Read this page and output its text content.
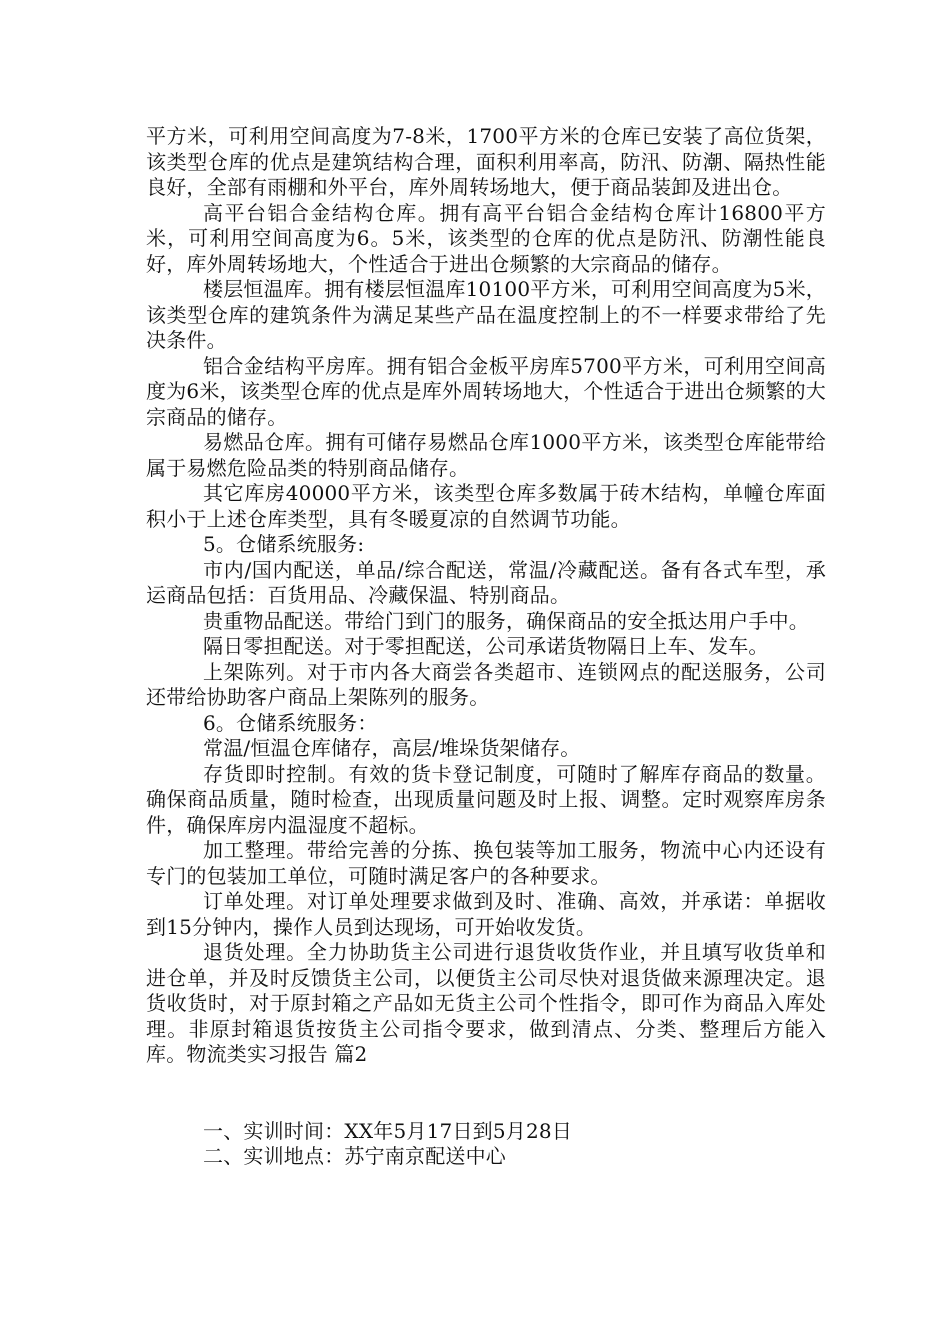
平方米，可利用空间高度为7-8米，1700平方米的仓库已安装了高位货架，该类型仓库的优点是建筑结构合理，面积利用率高，防汛、防潮、隔热性能良好，全部有雨棚和外平台，库外周转场地大，便于商品装卸及进出仓。

高平台铝合金结构仓库。拥有高平台铝合金结构仓库计16800平方米，可利用空间高度为6。5米，该类型的仓库的优点是防汛、防潮性能良好，库外周转场地大，个性适合于进出仓频繁的大宗商品的储存。

楼层恒温库。拥有楼层恒温库10100平方米，可利用空间高度为5米，该类型仓库的建筑条件为满足某些产品在温度控制上的不一样要求带给了先决条件。

铝合金结构平房库。拥有铝合金板平房库5700平方米，可利用空间高度为6米，该类型仓库的优点是库外周转场地大，个性适合于进出仓频繁的大宗商品的储存。

易燃品仓库。拥有可储存易燃品仓库1000平方米，该类型仓库能带给属于易燃危险品类的特别商品储存。

其它库房40000平方米，该类型仓库多数属于砖木结构，单幢仓库面积小于上述仓库类型，具有冬暖夏凉的自然调节功能。

5。仓储系统服务:

市内/国内配送，单品/综合配送，常温/冷藏配送。备有各式车型，承运商品包括：百货用品、冷藏保温、特别商品。

贵重物品配送。带给门到门的服务，确保商品的安全抵达用户手中。

隔日零担配送。对于零担配送，公司承诺货物隔日上车、发车。

上架陈列。对于市内各大商尝各类超市、连锁网点的配送服务，公司还带给协助客户商品上架陈列的服务。

6。仓储系统服务：

常温/恒温仓库储存，高层/堆垛货架储存。

存货即时控制。有效的货卡登记制度，可随时了解库存商品的数量。确保商品质量，随时检查，出现质量问题及时上报、调整。定时观察库房条件，确保库房内温湿度不超标。

加工整理。带给完善的分拣、换包装等加工服务，物流中心内还设有专门的包装加工单位，可随时满足客户的各种要求。

订单处理。对订单处理要求做到及时、准确、高效，并承诺：单据收到15分钟内，操作人员到达现场，可开始收发货。

退货处理。全力协助货主公司进行退货收货作业，并且填写收货单和进仓单，并及时反馈货主公司，以便货主公司尽快对退货做来源理决定。退货收货时，对于原封箱之产品如无货主公司个性指令，即可作为商品入库处理。非原封箱退货按货主公司指令要求，做到清点、分类、整理后方能入库。物流类实习报告 篇2

一、实训时间：XX年5月17日到5月28日

二、实训地点：苏宁南京配送中心
